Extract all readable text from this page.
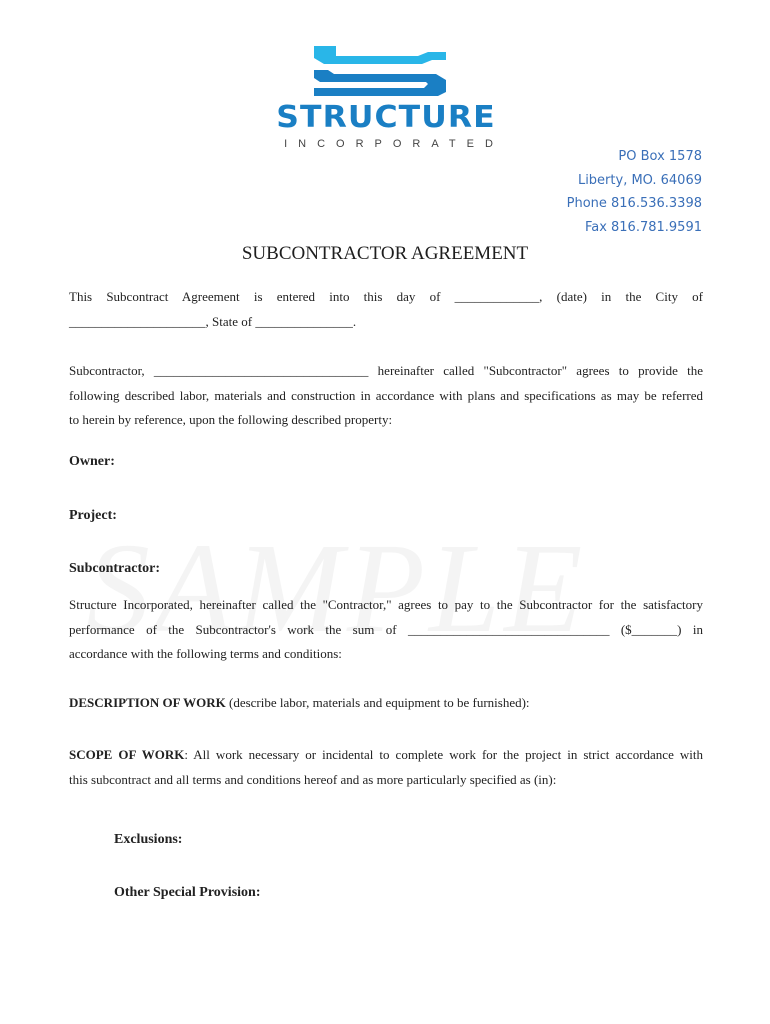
STRUCTURE
INCORPORATED
PO Box 1578
Liberty, MO. 64069
Phone 816.536.3398
Fax 816.781.9591
SUBCONTRACTOR AGREEMENT
This Subcontract Agreement is entered into this day of _____________, (date) in the City of
_____________________, State of _______________.
Subcontractor, _________________________________ hereinafter called "Subcontractor" agrees to provide the
following described labor, materials and construction in accordance with plans and specifications as may be referred
to herein by reference, upon the following described property:
Owner:
Project:
Subcontractor:
Structure Incorporated, hereinafter called the "Contractor," agrees to pay to the Subcontractor for the satisfactory
performance of the Subcontractor's work the sum of _______________________________ ($_______) in
accordance with the following terms and conditions:
DESCRIPTION OF WORK (describe labor, materials and equipment to be furnished):
SCOPE OF WORK: All work necessary or incidental to complete work for the project in strict accordance with
this subcontract and all terms and conditions hereof and as more particularly specified as (in):
Exclusions:
Other Special Provision:
